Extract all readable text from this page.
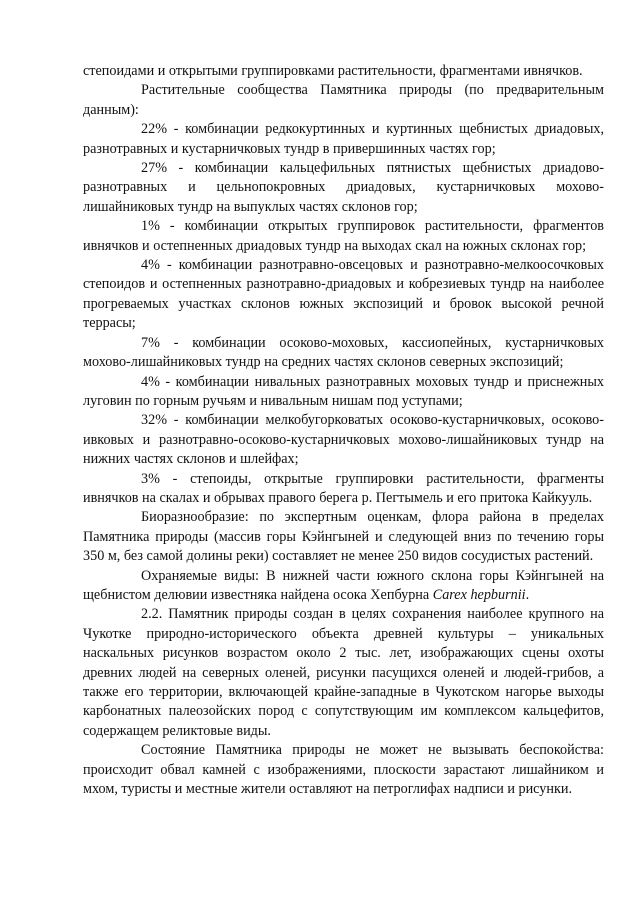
степоидами и открытыми группировками растительности, фрагментами ивнячков.

Растительные сообщества Памятника природы (по предварительным данным):

22% - комбинации редкокуртинных и куртинных щебнистых дриадовых, разнотравных и кустарничковых тундр в привершинных частях гор;

27% - комбинации кальцефильных пятнистых щебнистых дриадово-разнотравных и цельнопокровных дриадовых, кустарничковых мохово-лишайниковых тундр на выпуклых частях склонов гор;

1% - комбинации открытых группировок растительности, фрагментов ивнячков и остепненных дриадовых тундр на выходах скал на южных склонах гор;

4% - комбинации разнотравно-овсецовых и разнотравно-мелкоосочковых степоидов и остепненных разнотравно-дриадовых и кобрезиевых тундр на наиболее прогреваемых участках склонов южных экспозиций и бровок высокой речной террасы;

7% - комбинации осоково-моховых, кассиопейных, кустарничковых мохово-лишайниковых тундр на средних частях склонов северных экспозиций;

4% - комбинации нивальных разнотравных моховых тундр и приснежных луговин по горным ручьям и нивальным нишам под уступами;

32% - комбинации мелкобугорковатых осоково-кустарничковых, осоково-ивковых и разнотравно-осоково-кустарничковых мохово-лишайниковых тундр на нижних частях склонов и шлейфах;

3% - степоиды, открытые группировки растительности, фрагменты ивнячков на скалах и обрывах правого берега р. Пегтымель и его притока Кайкууль.

Биоразнообразие: по экспертным оценкам, флора района в пределах Памятника природы (массив горы Кэйнгыней и следующей вниз по течению горы 350 м, без самой долины реки) составляет не менее 250 видов сосудистых растений.

Охраняемые виды: В нижней части южного склона горы Кэйнгыней на щебнистом делювии известняка найдена осока Хепбурна Carex hepburnii.

2.2. Памятник природы создан в целях сохранения наиболее крупного на Чукотке природно-исторического объекта древней культуры – уникальных наскальных рисунков возрастом около 2 тыс. лет, изображающих сцены охоты древних людей на северных оленей, рисунки пасущихся оленей и людей-грибов, а также его территории, включающей крайне-западные в Чукотском нагорье выходы карбонатных палеозойских пород с сопутствующим им комплексом кальцефитов, содержащем реликтовые виды.

Состояние Памятника природы не может не вызывать беспокойства: происходит обвал камней с изображениями, плоскости зарастают лишайником и мхом, туристы и местные жители оставляют на петроглифах надписи и рисунки.
